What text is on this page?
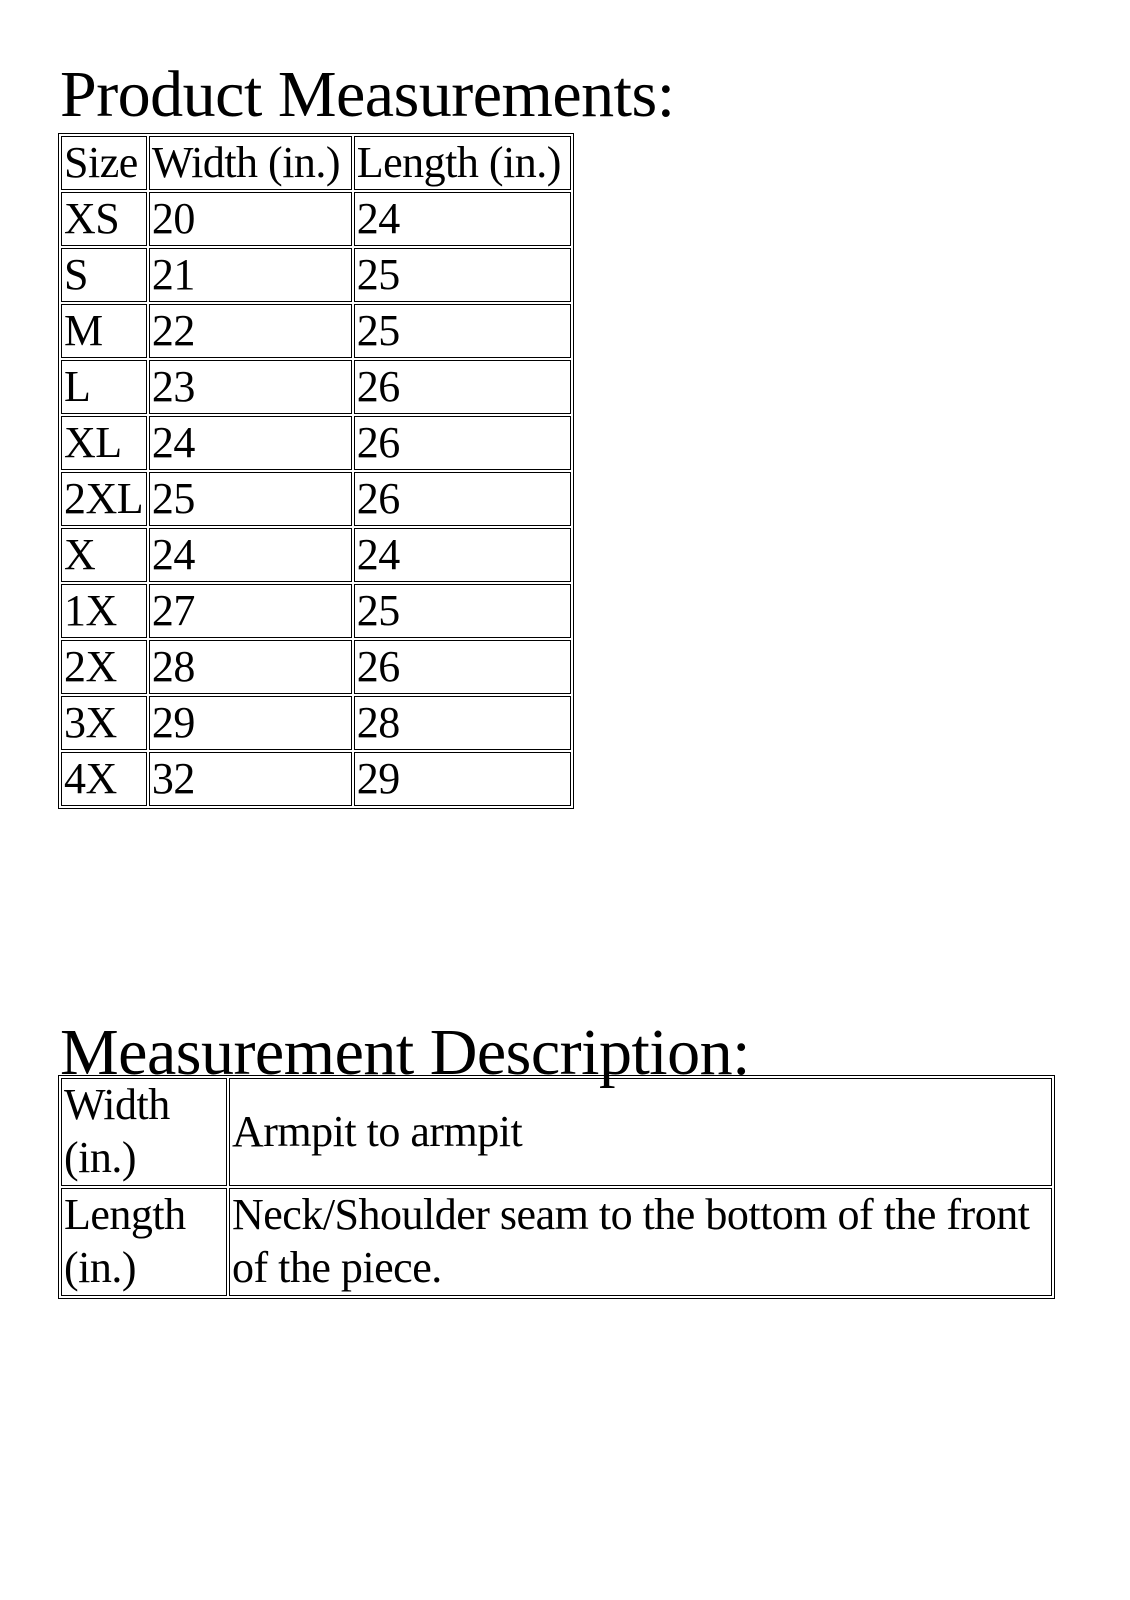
Product Measurements:
Size	Width (in.)	Length (in.)
XS	20	24
S	21	25
M	22	25
L	23	26
XL	24	26
2XL	25	26
X	24	24
1X	27	25
2X	28	26
3X	29	28
4X	32	29
Measurement Description:
Width (in.)	Armpit to armpit
Length (in.)	Neck/Shoulder seam to the bottom of the front of the piece.
